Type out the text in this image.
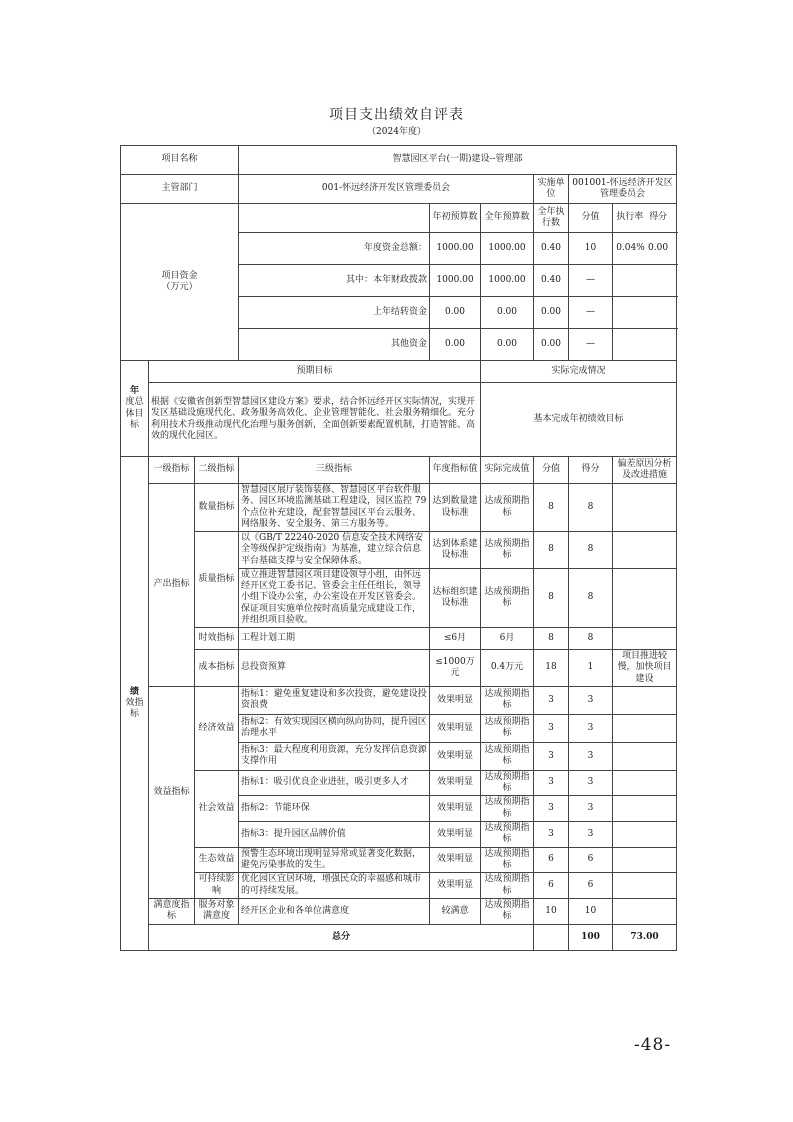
项目支出绩效自评表
（2024年度）
项目名称			智慧园区平台(一期)建设--管理部						
主管部门			001-怀远经济开发区管理委员会			实施单位	001001-怀远经济开发区管理委员会		

项目资金
（万元）				年初预算数	全年预算数	全年执行数	分值	执行率 得分	
			年度资金总额：	1000.00	1000.00	0.40	10	0.04% 0.00	
			其中：本年财政拨款	1000.00	1000.00	0.40	—		
			上年结转资金	0.00	0.00	0.00	—		
			其他资金	0.00	0.00	0.00	—		
年
度总体目标	预期目标				实际完成情况				
	根据《安徽省创新型智慧园区建设方案》要求，结合怀远经开区实际情况，实现开发区基础设施现代化、政务服务高效化、企业管理智能化、社会服务精细化。充分利用技术升级推动现代化治理与服务创新，全面创新要素配置机制，打造智能、高效的现代化园区。				基本完成年初绩效目标				
绩
效指标	一级指标	二级指标	三级指标	年度指标值	实际完成值	分值	得分	偏差原因分析及改进措施	
	产出指标	数量指标	智慧园区展厅装饰装修、智慧园区平台软件服务、园区环境监测基础工程建设，园区监控 79 个点位补充建设，配套智慧园区平台云服务、网络服务、安全服务、第三方服务等。	达到数量建设标准	达成预期指标	8	8		
		质量指标	以《GB/T 22240-2020 信息安全技术网络安全等级保护定级指南》为基准，建立综合信息平台基础支撑与安全保障体系。	达到体系建设标准	达成预期指标	8	8		
			成立推进智慧园区项目建设领导小组，由怀远经开区党工委书记、管委会主任任组长，领导小组下设办公室，办公室设在开发区管委会。保证项目实施单位按时高质量完成建设工作，并组织项目验收。	达标组织建设标准	达成预期指标	8	8		
		时效指标	工程计划工期	≤6月	6月	8	8		
		成本指标	总投资预算	≤1000万元	0.4万元	18	1	项目推进较慢，加快项目建设	
	效益指标	经济效益	指标1：避免重复建设和多次投资，避免建设投资浪费	效果明显	达成预期指标	3	3		
			指标2：有效实现园区横向纵向协同，提升园区治理水平	效果明显	达成预期指标	3	3		
			指标3：最大程度利用资源，充分发挥信息资源支撑作用	效果明显	达成预期指标	3	3		
		社会效益	指标1：吸引优良企业进驻，吸引更多人才	效果明显	达成预期指标	3	3		
			指标2：节能环保	效果明显	达成预期指标	3	3		
			指标3：提升园区品牌价值	效果明显	达成预期指标	3	3		
		生态效益	预警生态环境出现明显异常或显著变化数据，避免污染事故的发生。	效果明显	达成预期指标	6	6		
		可持续影响	优化园区宜居环境，增强民众的幸福感和城市的可持续发展。	效果明显	达成预期指标	6	6		
	满意度指标	服务对象满意度	经开区企业和各单位满意度	较满意	达成预期指标	10	10		
	总分						100	73.00	
-48-
